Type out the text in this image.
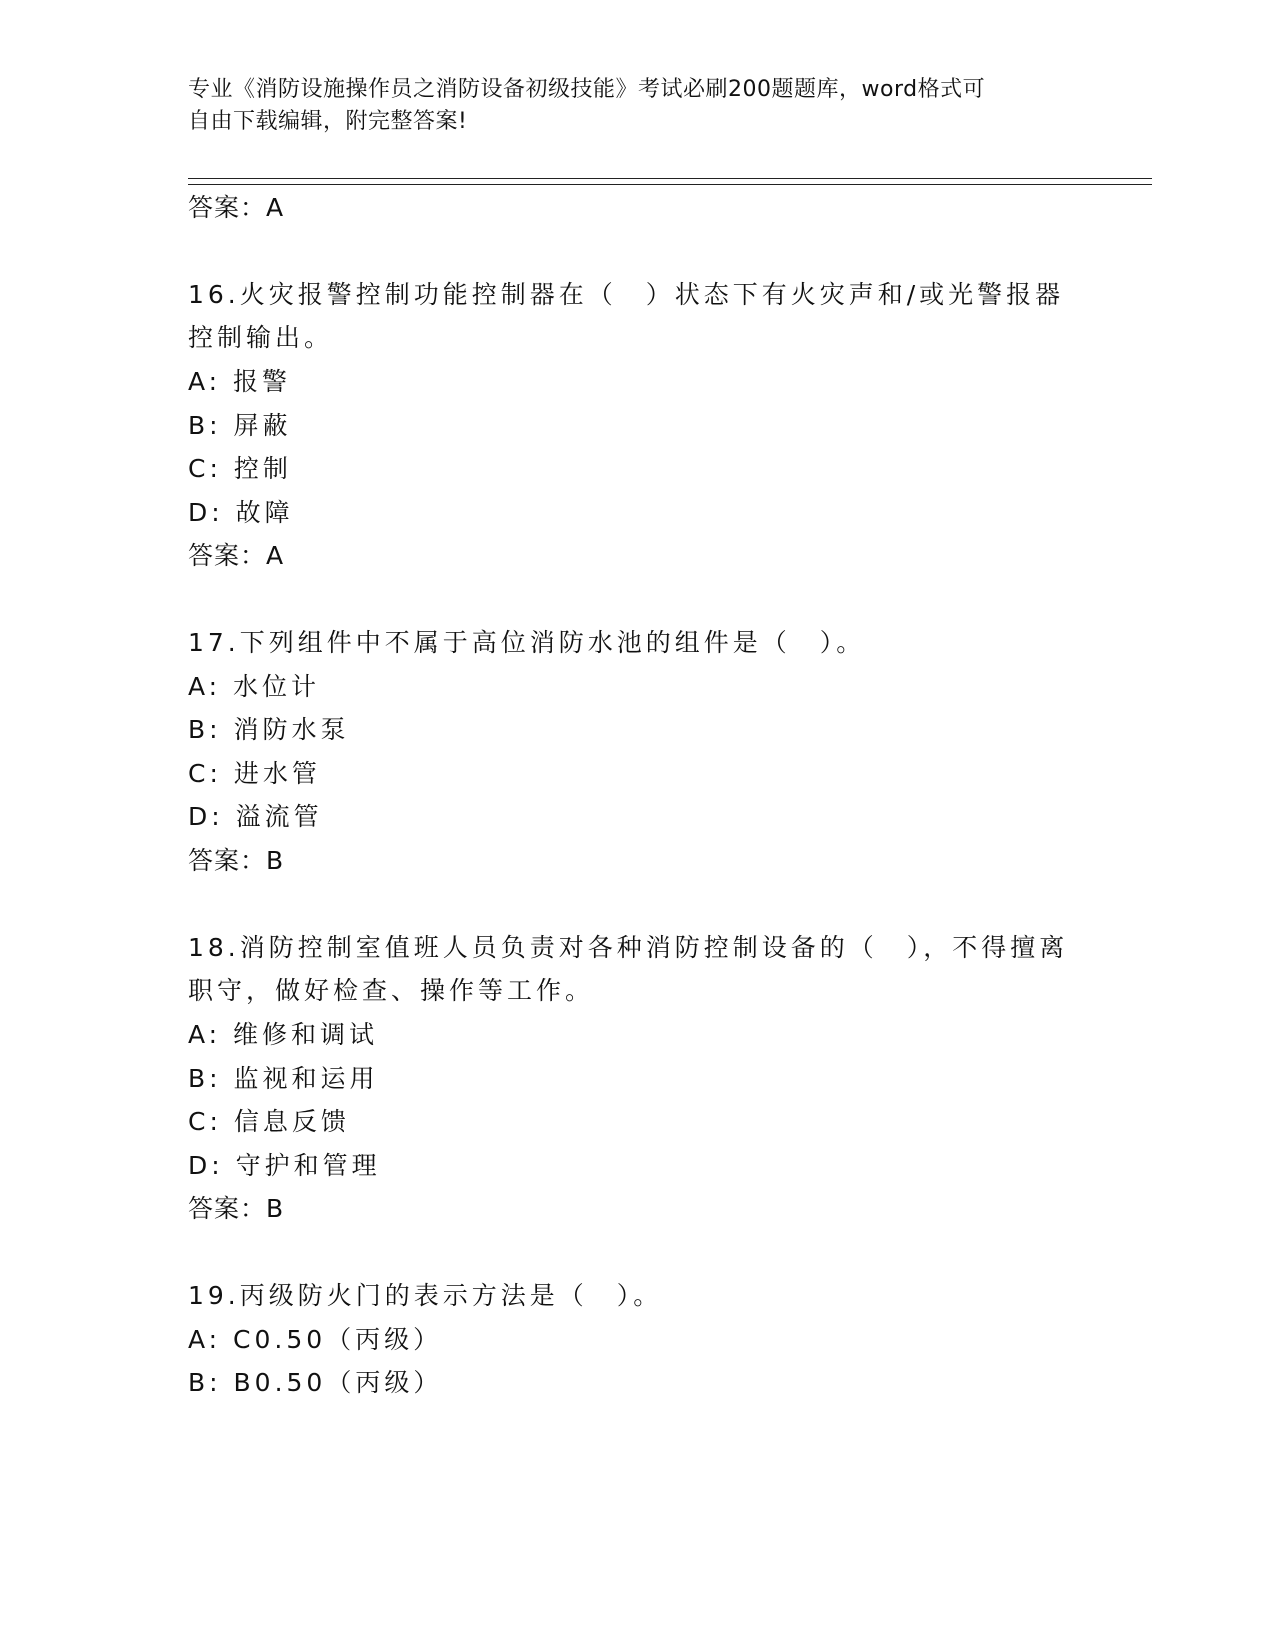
专业《消防设施操作员之消防设备初级技能》考试必刷200题题库，word格式可
自由下载编辑，附完整答案!
答案：A
16.火灾报警控制功能控制器在（　）状态下有火灾声和/或光警报器
控制输出。
A: 报警
B: 屏蔽
C: 控制
D: 故障
答案：A
17.下列组件中不属于高位消防水池的组件是（　）。
A: 水位计
B: 消防水泵
C: 进水管
D: 溢流管
答案：B
18.消防控制室值班人员负责对各种消防控制设备的（　），不得擅离
职守，做好检查、操作等工作。
A: 维修和调试
B: 监视和运用
C: 信息反馈
D: 守护和管理
答案：B
19.丙级防火门的表示方法是（　）。
A: C0.50（丙级）
B: B0.50（丙级）
